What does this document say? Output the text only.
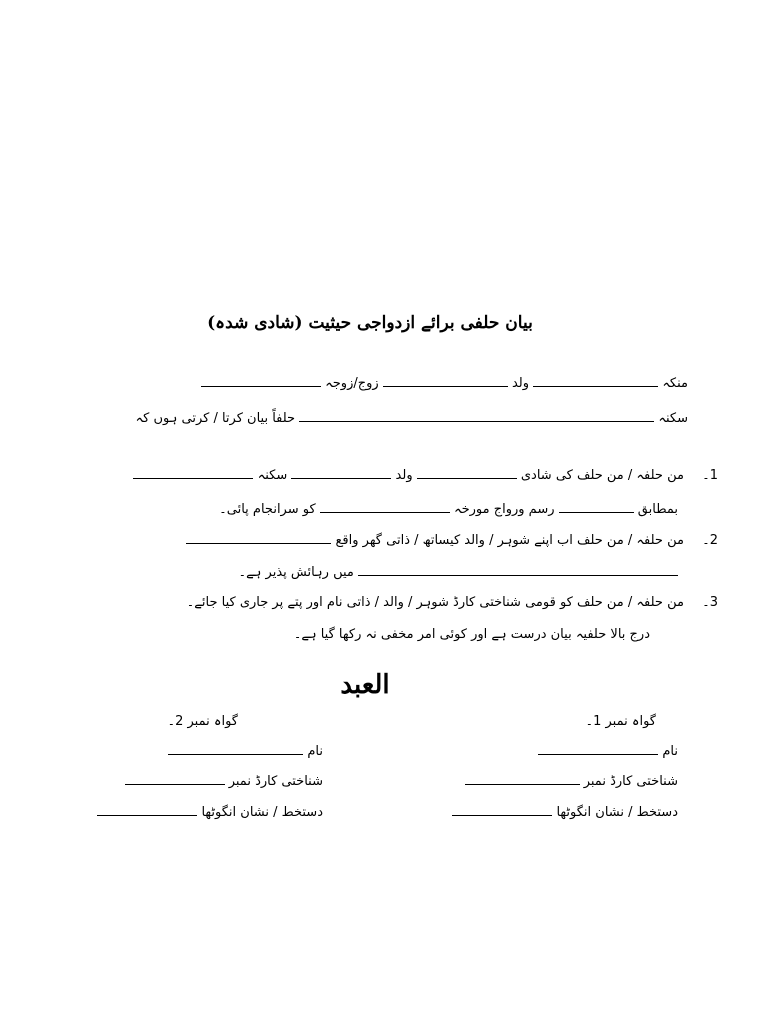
بیان حلفی برائے ازدواجی حیثیت (شادی شدہ)
منکہ  ولد  زوج/زوجہ
سکنہ  حلفاً بیان کرتا / کرتی ہوں کہ
1۔ من حلفہ / من حلف کی شادی  ولد  سکنہ
بمطابق  رسم ورواج مورخہ  کو سرانجام پائی۔
2۔ من حلفہ / من حلف اب اپنے شوہر / والد کیساتھ / ذاتی گھر واقع
میں رہائش پذیر ہے۔
3۔ من حلفہ / من حلف کو قومی شناختی کارڈ شوہر / والد / ذاتی نام اور پتے پر جاری کیا جائے۔
درج بالا حلفیہ بیان درست ہے اور کوئی امر مخفی نہ رکھا گیا ہے۔
العبد
گواہ نمبر 1۔
نام
شناختی کارڈ نمبر
دستخط / نشان انگوٹھا
گواہ نمبر 2۔
نام
شناختی کارڈ نمبر
دستخط / نشان انگوٹھا
